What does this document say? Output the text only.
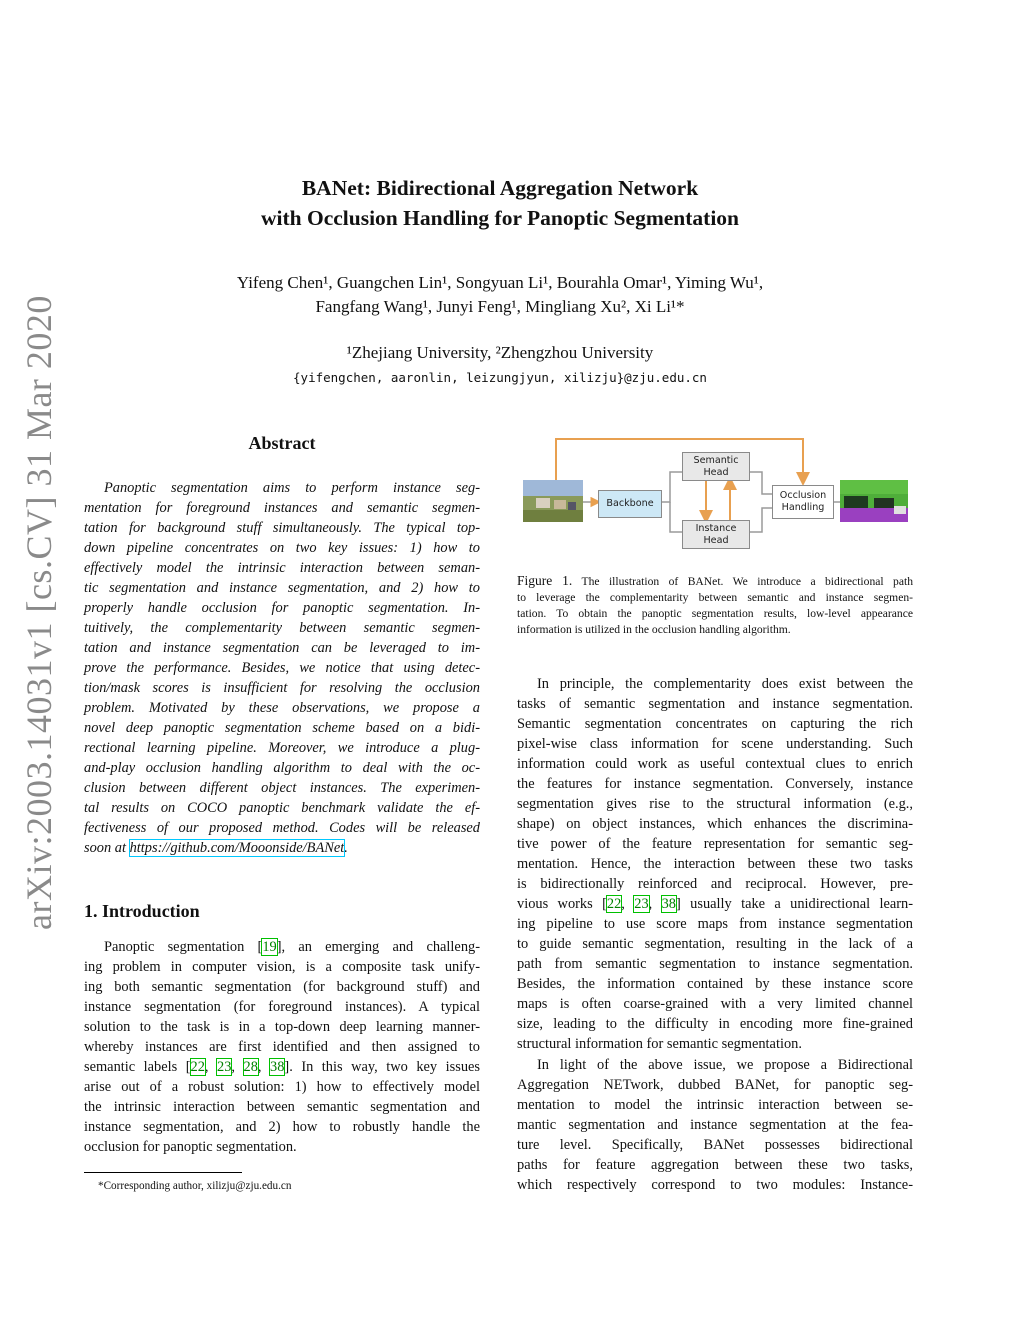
arXiv:2003.14031v1 [cs.CV] 31 Mar 2020
BANet: Bidirectional Aggregation Network
with Occlusion Handling for Panoptic Segmentation
Yifeng Chen¹, Guangchen Lin¹, Songyuan Li¹, Bourahla Omar¹, Yiming Wu¹,
Fangfang Wang¹, Junyi Feng¹, Mingliang Xu², Xi Li¹*
¹Zhejiang University, ²Zhengzhou University
{yifengchen, aaronlin, leizungjyun, xilizju}@zju.edu.cn
Abstract
Panoptic segmentation aims to perform instance seg-
mentation for foreground instances and semantic segmen-
tation for background stuff simultaneously. The typical top-
down pipeline concentrates on two key issues: 1) how to
effectively model the intrinsic interaction between seman-
tic segmentation and instance segmentation, and 2) how to
properly handle occlusion for panoptic segmentation. In-
tuitively, the complementarity between semantic segmen-
tation and instance segmentation can be leveraged to im-
prove the performance. Besides, we notice that using detec-
tion/mask scores is insufficient for resolving the occlusion
problem. Motivated by these observations, we propose a
novel deep panoptic segmentation scheme based on a bidi-
rectional learning pipeline. Moreover, we introduce a plug-
and-play occlusion handling algorithm to deal with the oc-
clusion between different object instances. The experimen-
tal results on COCO panoptic benchmark validate the ef-
fectiveness of our proposed method. Codes will be released
soon at https://github.com/Mooonside/BANet.
1. Introduction
Panoptic segmentation [19], an emerging and challeng-
ing problem in computer vision, is a composite task unify-
ing both semantic segmentation (for background stuff) and
instance segmentation (for foreground instances). A typical
solution to the task is in a top-down deep learning manner-
whereby instances are first identified and then assigned to
semantic labels [22, 23, 28, 38]. In this way, two key issues
arise out of a robust solution: 1) how to effectively model
the intrinsic interaction between semantic segmentation and
instance segmentation, and 2) how to robustly handle the
occlusion for panoptic segmentation.
*Corresponding author, xilizju@zju.edu.cn
Semantic Head
Instance Head
Backbone
Occlusion Handling
Figure 1. The illustration of BANet. We introduce a bidirectional path
to leverage the complementarity between semantic and instance segmen-
tation. To obtain the panoptic segmentation results, low-level appearance
information is utilized in the occlusion handling algorithm.
In principle, the complementarity does exist between the
tasks of semantic segmentation and instance segmentation.
Semantic segmentation concentrates on capturing the rich
pixel-wise class information for scene understanding. Such
information could work as useful contextual clues to enrich
the features for instance segmentation. Conversely, instance
segmentation gives rise to the structural information (e.g.,
shape) on object instances, which enhances the discrimina-
tive power of the feature representation for semantic seg-
mentation. Hence, the interaction between these two tasks
is bidirectionally reinforced and reciprocal. However, pre-
vious works [22, 23, 38] usually take a unidirectional learn-
ing pipeline to use score maps from instance segmentation
to guide semantic segmentation, resulting in the lack of a
path from semantic segmentation to instance segmentation.
Besides, the information contained by these instance score
maps is often coarse-grained with a very limited channel
size, leading to the difficulty in encoding more fine-grained
structural information for semantic segmentation.
In light of the above issue, we propose a Bidirectional
Aggregation NETwork, dubbed BANet, for panoptic seg-
mentation to model the intrinsic interaction between se-
mantic segmentation and instance segmentation at the fea-
ture level. Specifically, BANet possesses bidirectional
paths for feature aggregation between these two tasks,
which respectively correspond to two modules: Instance-
